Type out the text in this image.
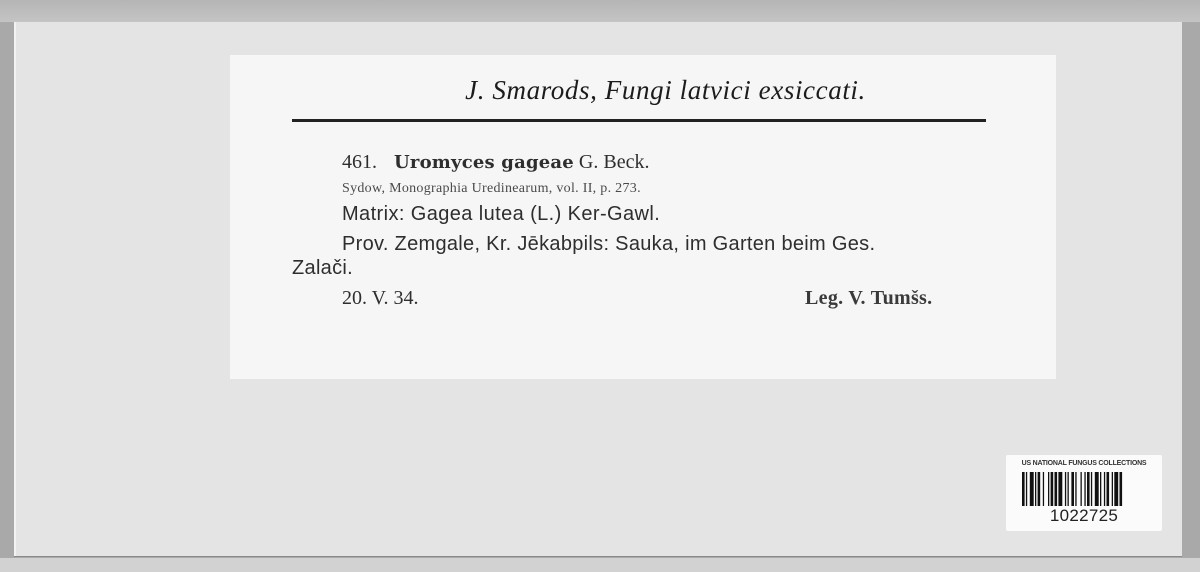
J. Smarods, Fungi latvici exsiccati.
461. Uromyces gageae G. Beck.
Sydow, Monographia Uredinearum, vol. II, p. 273.
Matrix: Gagea lutea (L.) Ker-Gawl.
Prov. Zemgale, Kr. Jēkabpils: Sauka, im Garten beim Ges.
Zalači.
20. V. 34.	Leg. V. Tumšs.
US NATIONAL FUNGUS COLLECTIONS
1022725
